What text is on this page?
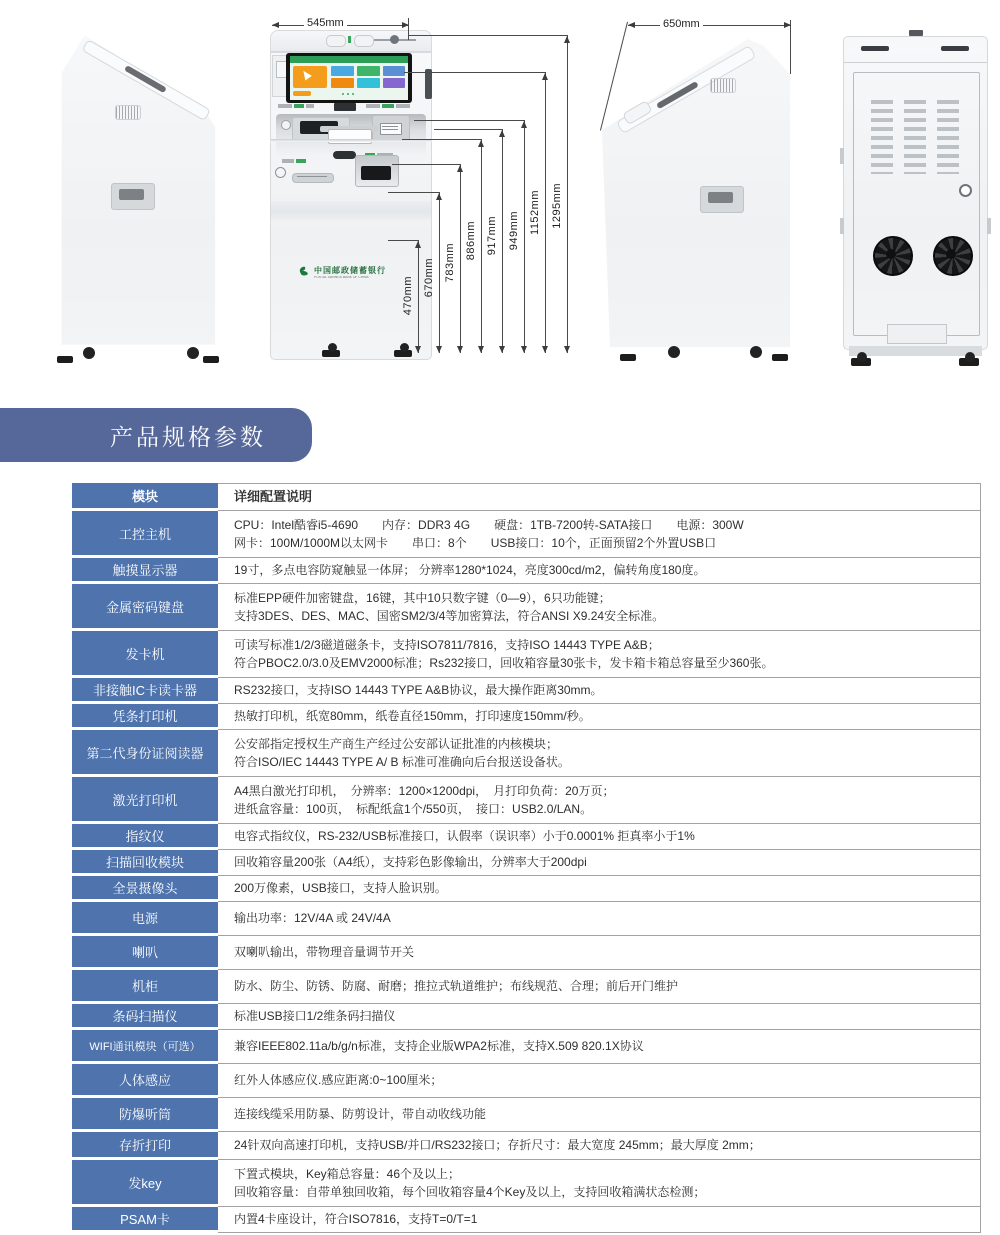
中国邮政储蓄银行
POSTAL SAVINGS BANK OF CHINA
545mm
470mm 670mm 783mm
886mm 917mm 949mm 1152mm 1295mm
650mm
产品规格参数
模块	详细配置说明
工控主机
CPU：Intel酷睿i5-4690　　内存：DDR3 4G　　硬盘：1TB-7200转-SATA接口　　电源：300W
网卡：100M/1000M以太网卡　　串口：8个　　USB接口：10个，正面预留2个外置USB口
触摸显示器	19寸，多点电容防窥触显一体屏； 分辨率1280*1024，亮度300cd/m2，偏转角度180度。
金属密码键盘
标准EPP硬件加密键盘，16键，其中10只数字键（0—9），6只功能键；
支持3DES、DES、MAC、国密SM2/3/4等加密算法，符合ANSI X9.24安全标准。
发卡机
可读写标准1/2/3磁道磁条卡，支持ISO7811/7816，支持ISO 14443 TYPE A&B；
符合PBOC2.0/3.0及EMV2000标准；Rs232接口，回收箱容量30张卡，发卡箱卡箱总容量至少360张。
非接触IC卡读卡器	RS232接口，支持ISO 14443 TYPE A&B协议，最大操作距离30mm。
凭条打印机	热敏打印机，纸宽80mm，纸卷直径150mm，打印速度150mm/秒。
第二代身份证阅读器
公安部指定授权生产商生产经过公安部认证批准的内核模块；
符合ISO/IEC 14443 TYPE A/ B 标准可准确向后台报送设备状。
激光打印机
A4黑白激光打印机，　分辨率：1200×1200dpi，　月打印负荷：20万页；
进纸盒容量：100页，　标配纸盒1个/550页，　接口：USB2.0/LAN。
指纹仪	电容式指纹仪，RS-232/USB标准接口，认假率（误识率）小于0.0001% 拒真率小于1%
扫描回收模块	回收箱容量200张（A4纸），支持彩色影像输出，分辨率大于200dpi
全景摄像头	200万像素，USB接口，支持人脸识别。
电源	输出功率：12V/4A 或 24V/4A
喇叭	双喇叭输出，带物理音量调节开关
机柜	防水、防尘、防锈、防腐、耐磨；推拉式轨道维护；布线规范、合理；前后开门维护
条码扫描仪	标准USB接口1/2维条码扫描仪
WIFI通讯模块（可选）	兼容IEEE802.11a/b/g/n标准，支持企业版WPA2标准，支持X.509 820.1X协议
人体感应	红外人体感应仪.感应距离:0~100厘米；
防爆听筒	连接线缆采用防暴、防剪设计，带自动收线功能
存折打印	24针双向高速打印机，支持USB/并口/RS232接口；存折尺寸：最大宽度 245mm；最大厚度 2mm；
发key
下置式模块，Key箱总容量：46个及以上；
回收箱容量：自带单独回收箱，每个回收箱容量4个Key及以上，支持回收箱满状态检测；
PSAM卡	内置4卡座设计，符合ISO7816，支持T=0/T=1
